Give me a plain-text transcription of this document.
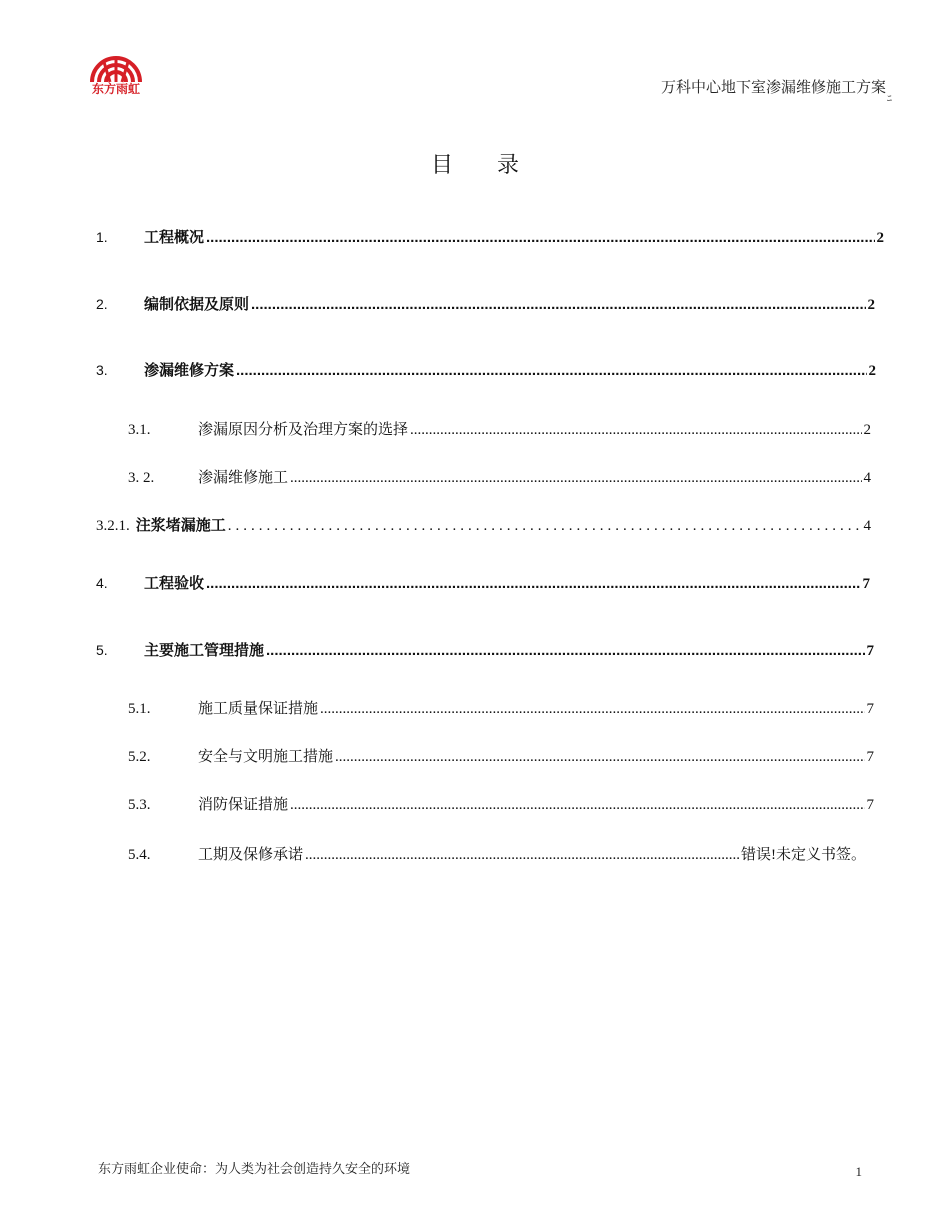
东方雨虹	万科中心地下室渗漏维修施工方案
ﾆ
目录
1.	工程概况 .....	2
2.	编制依据及原则 .....	2
3.	渗漏维修方案 .....	2
3.1.	渗漏原因分析及治理方案的选择 .....	2
3. 2.	渗漏维修施工 .....	4
3.2.1. 注浆堵漏施工 .....	4
4.	工程验收 .....	7
5.	主要施工管理措施 .....	7
5.1.	施工质量保证措施 .....	7
5.2.	安全与文明施工措施 .....	7
5.3.	消防保证措施 .....	7
5.4.	工期及保修承诺 .....	错误!未定义书签。
东方雨虹企业使命：为人类为社会创造持久安全的环境	1
